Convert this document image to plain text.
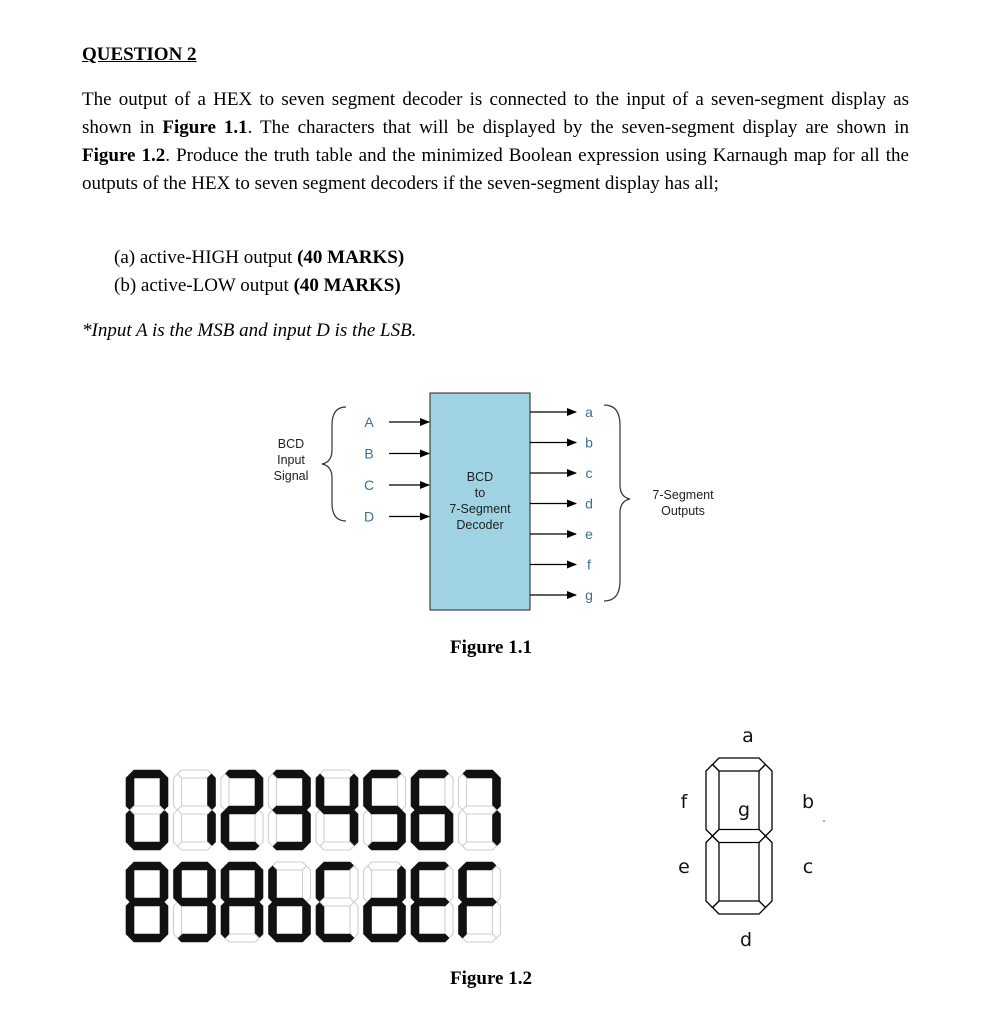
QUESTION 2

The output of a HEX to seven segment decoder is connected to the input of a seven-segment display as shown in Figure 1.1. The characters that will be displayed by the seven-segment display are shown in Figure 1.2. Produce the truth table and the minimized Boolean expression using Karnaugh map for all the outputs of the HEX to seven segment decoders if the seven-segment display has all;

(a) active-HIGH output (40 MARKS)
(b) active-LOW output (40 MARKS)
*Input A is the MSB and input D is the LSB.
BCD
to
7-Segment
Decoder
BCD
Input
Signal
A
B
C
D
a
b
c
d
e
f
g
7-Segment
Outputs
Figure 1.1
a
b
c
d
e
f	g
Figure 1.2
